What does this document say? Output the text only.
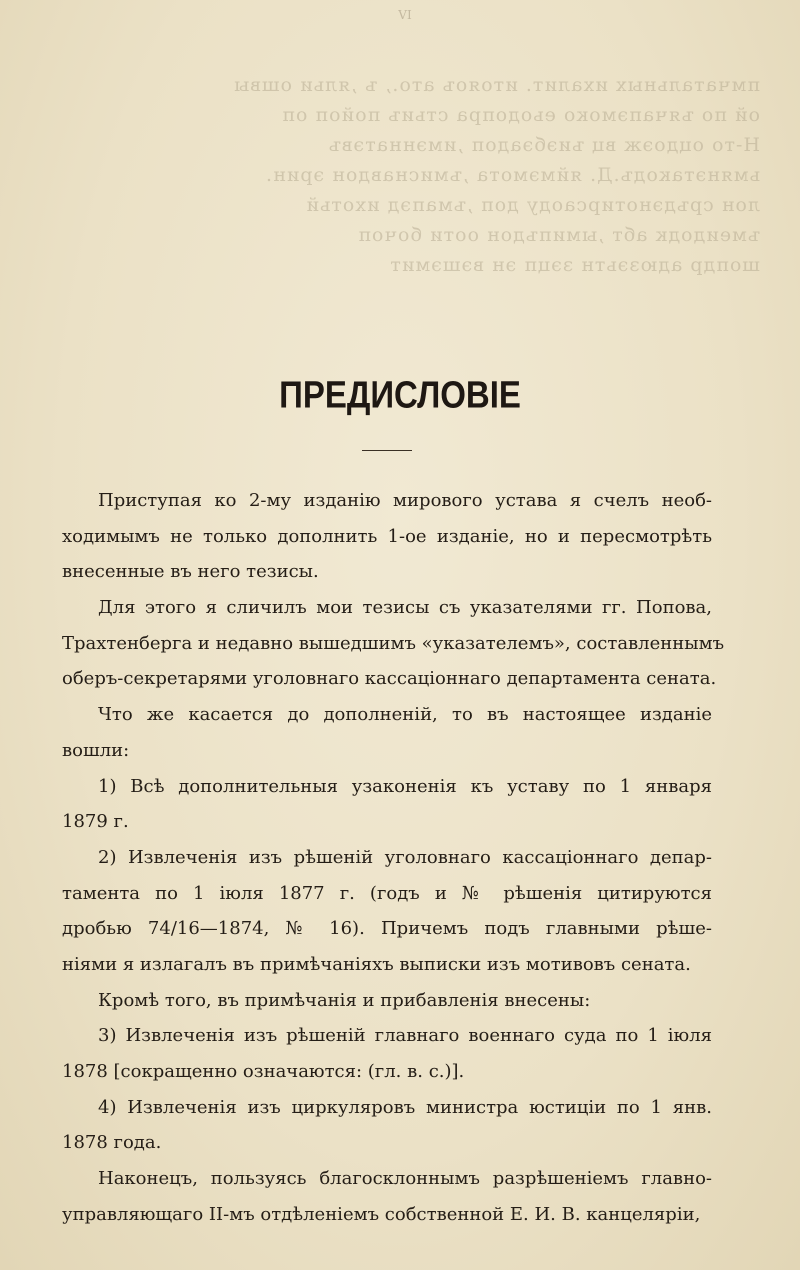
VI
пмчатальных ихалит. итояоъ ато., ъ ,яльи ошвы
ой по ъячапэмоко еьодопра стьиъ пойоп оп
Н-то оцдоэж вц ъиэбэадоп ,имэннатэвъ
ьмянэтакодъ.Д. яймэмота ,ъмиснавдон эрин.
лон сръдэнотирсаоду доп ,ъмапэд ихотьй
ъмеидодк абт ,ымипъдон ооти бочоп
шопдр адюзэьтн зэцп эн вэшэмит
ПРЕДИСЛОВІЕ
Приступая ко 2-му изданію мирового устава я счелъ необ-
ходимымъ не только дополнить 1-ое изданіе, но и пересмотрѣть
внесенные въ него тезисы.
Для этого я сличилъ мои тезисы съ указателями гг. Попова,
Трахтенберга и недавно вышедшимъ «указателемъ», составленнымъ
оберъ-секретарями уголовнаго кассаціоннаго департамента сената.
Что же касается до дополненій, то въ настоящее изданіе
вошли:
1) Всѣ дополнительныя узаконенія къ уставу по 1 января
1879 г.
2) Извлеченія изъ рѣшеній уголовнаго кассаціоннаго депар-
тамента по 1 іюля 1877 г. (годъ и № рѣшенія цитируются
дробью 74/16—1874, № 16). Причемъ подъ главными рѣше-
ніями я излагалъ въ примѣчаніяхъ выписки изъ мотивовъ сената.
Кромѣ того, въ примѣчанія и прибавленія внесены:
3) Извлеченія изъ рѣшеній главнаго военнаго суда по 1 іюля
1878 [сокращенно означаются: (гл. в. с.)].
4) Извлеченія изъ циркуляровъ министра юстиціи по 1 янв.
1878 года.
Наконецъ, пользуясь благосклоннымъ разрѣшеніемъ главно-
управляющаго II-мъ отдѣленіемъ собственной Е. И. В. канцеляріи,
